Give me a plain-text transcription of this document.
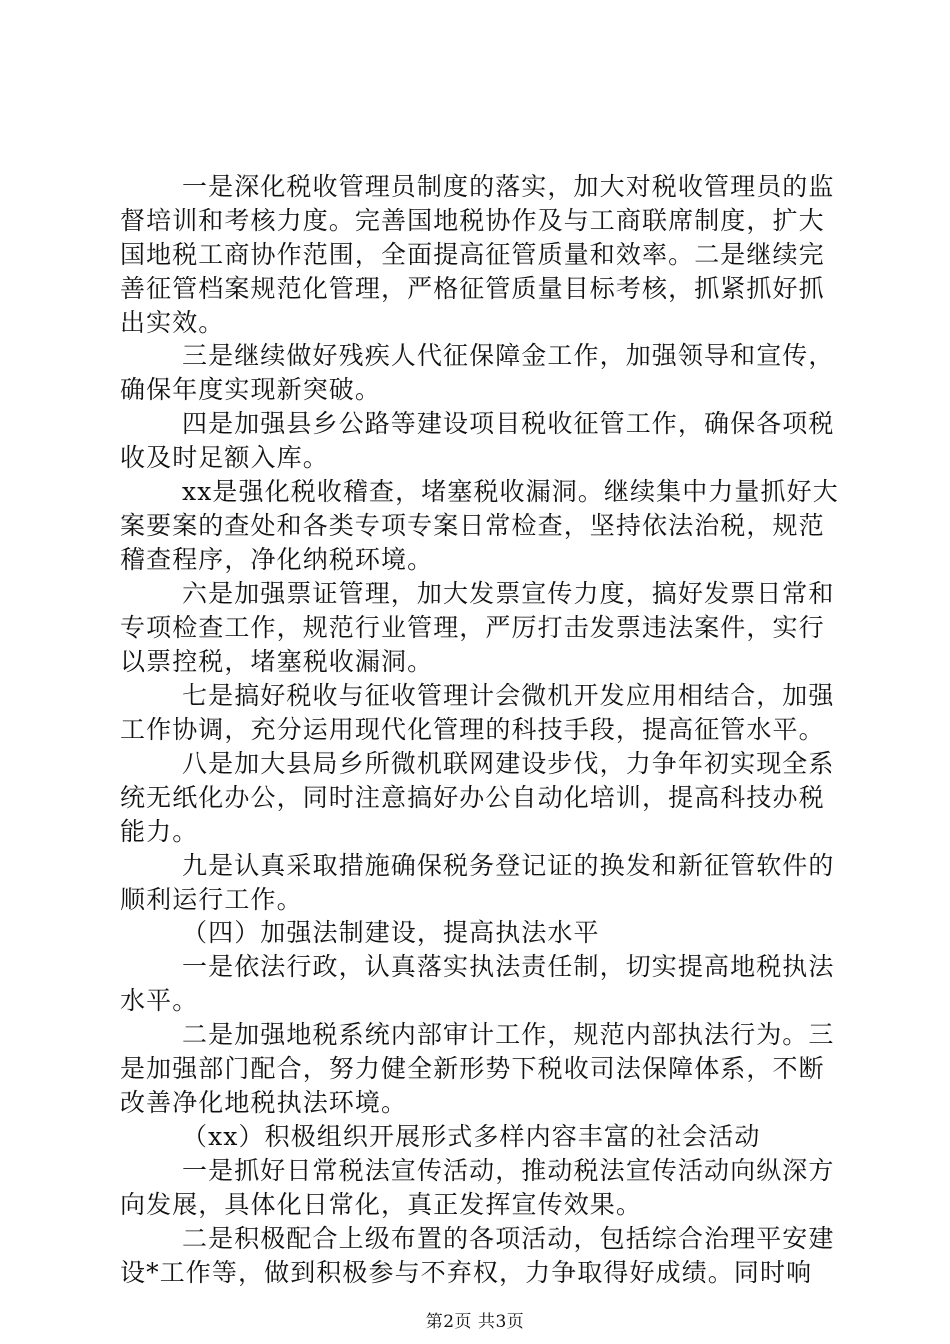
一是深化税收管理员制度的落实，加大对税收管理员的监
督培训和考核力度。完善国地税协作及与工商联席制度，扩大
国地税工商协作范围，全面提高征管质量和效率。二是继续完
善征管档案规范化管理，严格征管质量目标考核，抓紧抓好抓
出实效。
三是继续做好残疾人代征保障金工作，加强领导和宣传，
确保年度实现新突破。
四是加强县乡公路等建设项目税收征管工作，确保各项税
收及时足额入库。
xx是强化税收稽查，堵塞税收漏洞。继续集中力量抓好大
案要案的查处和各类专项专案日常检查，坚持依法治税，规范
稽查程序，净化纳税环境。
六是加强票证管理，加大发票宣传力度，搞好发票日常和
专项检查工作，规范行业管理，严厉打击发票违法案件，实行
以票控税，堵塞税收漏洞。
七是搞好税收与征收管理计会微机开发应用相结合，加强
工作协调，充分运用现代化管理的科技手段，提高征管水平。
八是加大县局乡所微机联网建设步伐，力争年初实现全系
统无纸化办公，同时注意搞好办公自动化培训，提高科技办税
能力。
九是认真采取措施确保税务登记证的换发和新征管软件的
顺利运行工作。
（四）加强法制建设，提高执法水平
一是依法行政，认真落实执法责任制，切实提高地税执法
水平。
二是加强地税系统内部审计工作，规范内部执法行为。三
是加强部门配合，努力健全新形势下税收司法保障体系，不断
改善净化地税执法环境。
（xx）积极组织开展形式多样内容丰富的社会活动
一是抓好日常税法宣传活动，推动税法宣传活动向纵深方
向发展，具体化日常化，真正发挥宣传效果。
二是积极配合上级布置的各项活动，包括综合治理平安建
设*工作等，做到积极参与不弃权，力争取得好成绩。同时响
第2页 共3页
